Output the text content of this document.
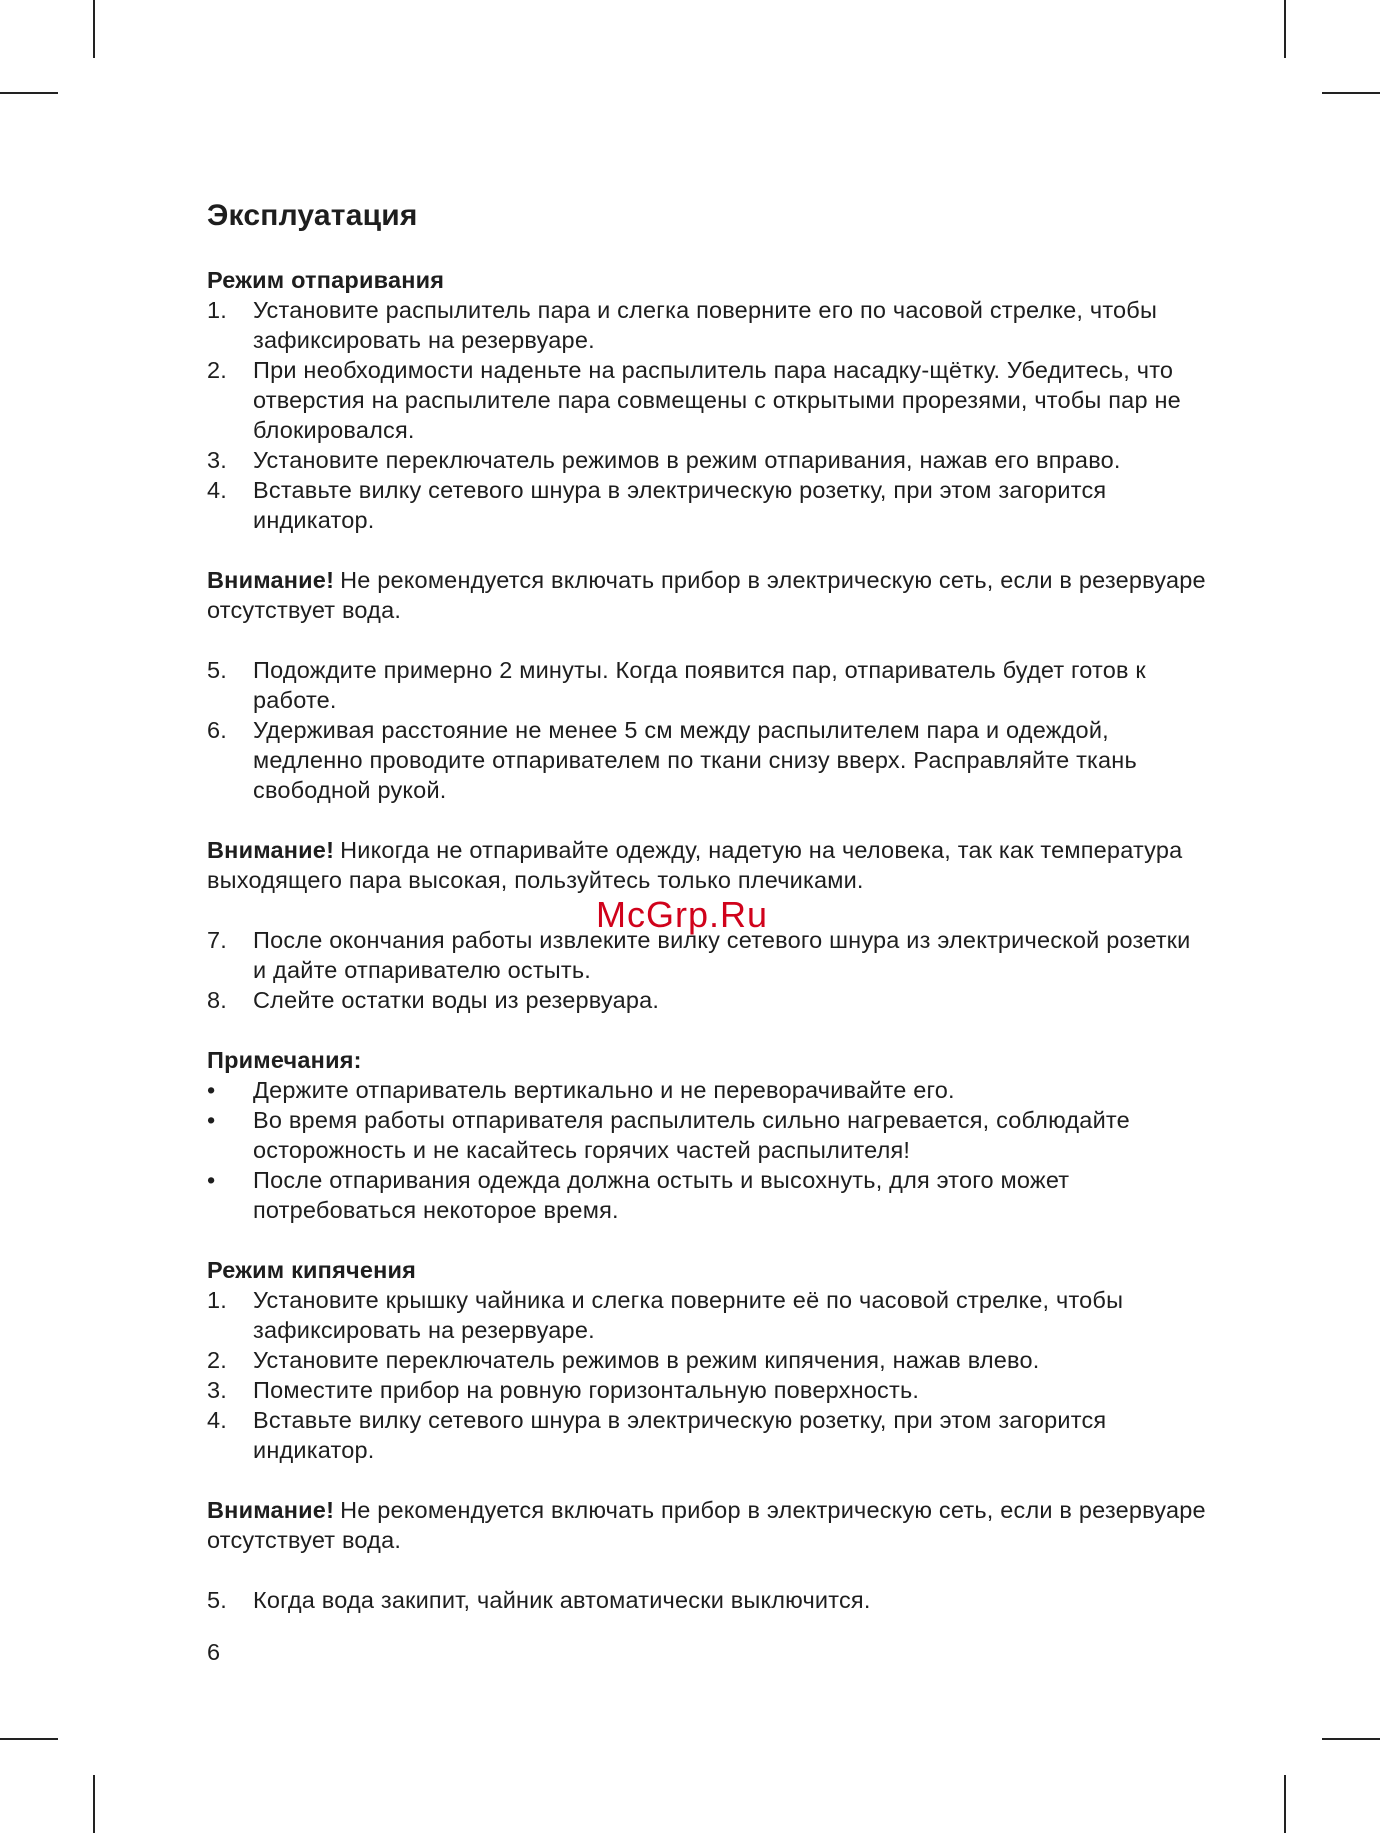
Эксплуатация

Режим отпаривания

1.	Установите распылитель пара и слегка поверните его по часовой стрелке, чтобы зафиксировать на резервуаре.
2.	При необходимости наденьте на распылитель пара насадку-щётку. Убедитесь, что отверстия на распылителе пара совмещены с открытыми прорезями, чтобы пар не блокировался.
3.	Установите переключатель режимов в режим отпаривания, нажав его вправо.
4.	Вставьте вилку сетевого шнура в электрическую розетку, при этом загорится индикатор.

Внимание! Не рекомендуется включать прибор в электрическую сеть, если в резервуаре отсутствует вода.

5.	Подождите примерно 2 минуты. Когда появится пар, отпариватель будет готов к работе.
6.	Удерживая расстояние не менее 5 см между распылителем пара и одеждой, медленно проводите отпаривателем по ткани снизу вверх. Расправляйте ткань свободной рукой.

Внимание! Никогда не отпаривайте одежду, надетую на человека, так как температура выходящего пара высокая, пользуйтесь только плечиками.

7.	После окончания работы извлеките вилку сетевого шнура из электрической розетки и дайте отпаривателю остыть.
8.	Слейте остатки воды из резервуара.

Примечания:

•	Держите отпариватель вертикально и не переворачивайте его.
•	Во время работы отпаривателя распылитель сильно нагревается, соблюдайте осторожность и не касайтесь горячих частей распылителя!
•	После отпаривания одежда должна остыть и высохнуть, для этого может потребоваться некоторое время.

Режим кипячения

1.	Установите крышку чайника и слегка поверните её по часовой стрелке, чтобы зафиксировать на резервуаре.
2.	Установите переключатель режимов в режим кипячения, нажав влево.
3.	Поместите прибор на ровную горизонтальную поверхность.
4.	Вставьте вилку сетевого шнура в электрическую розетку, при этом загорится индикатор.

Внимание! Не рекомендуется включать прибор в электрическую сеть, если в резервуаре отсутствует вода.

5.	Когда вода закипит, чайник автоматически выключится.
McGrp.Ru
6
